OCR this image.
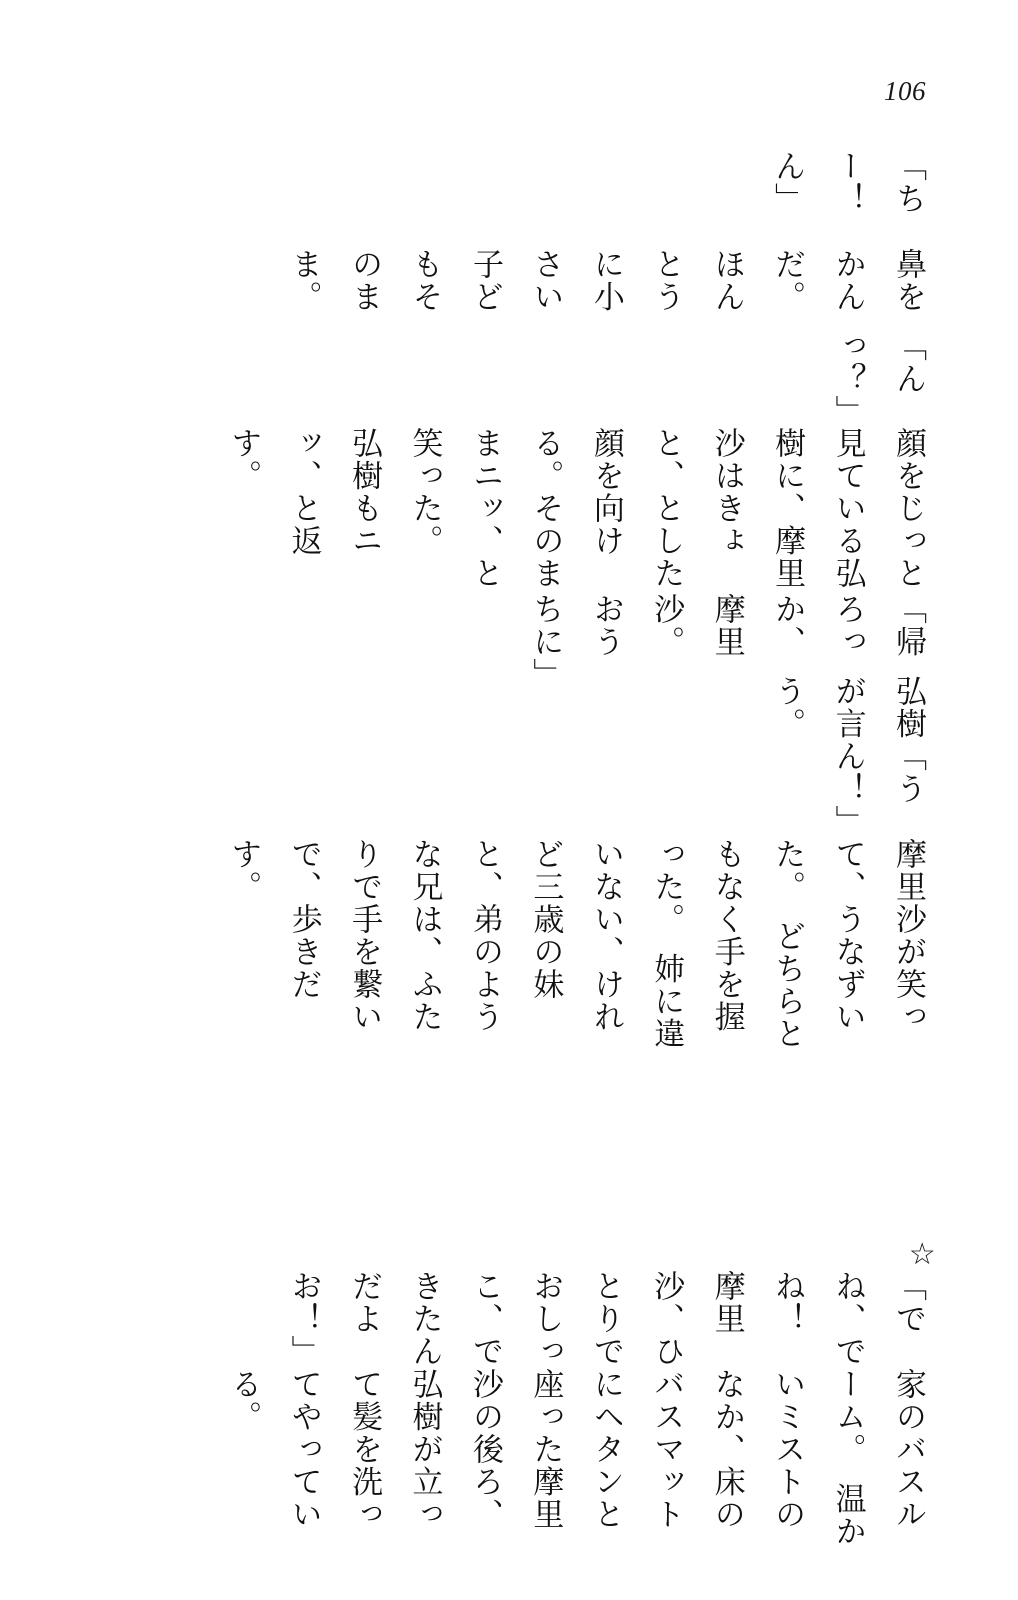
106

「ちー！　ん」

鼻をかんだ。　ほんとうに小さい子どもそのまま。

「んっ？」

顔をじっと見ている弘樹に、摩里沙はきょと、とした顔を向ける。そのままニッ、と笑った。　弘樹もニッ、と返す。

「帰ろっか、摩里沙。　おうちに」

弘樹が言う。

「うん！」

摩里沙が笑って、うなずいた。　どちらともなく手を握った。　姉に違いない、けれど三歳の妹と、弟のような兄は、ふたりで手を繋いで、歩きだす。

☆

「でね、でね！　摩里沙、ひとりでおしっこ、できたんだよお！」

家のバスルーム。　温かいミストのなか、床のバスマットにヘタンと座った摩里沙の後ろ、弘樹が立って髪を洗ってやっている。
